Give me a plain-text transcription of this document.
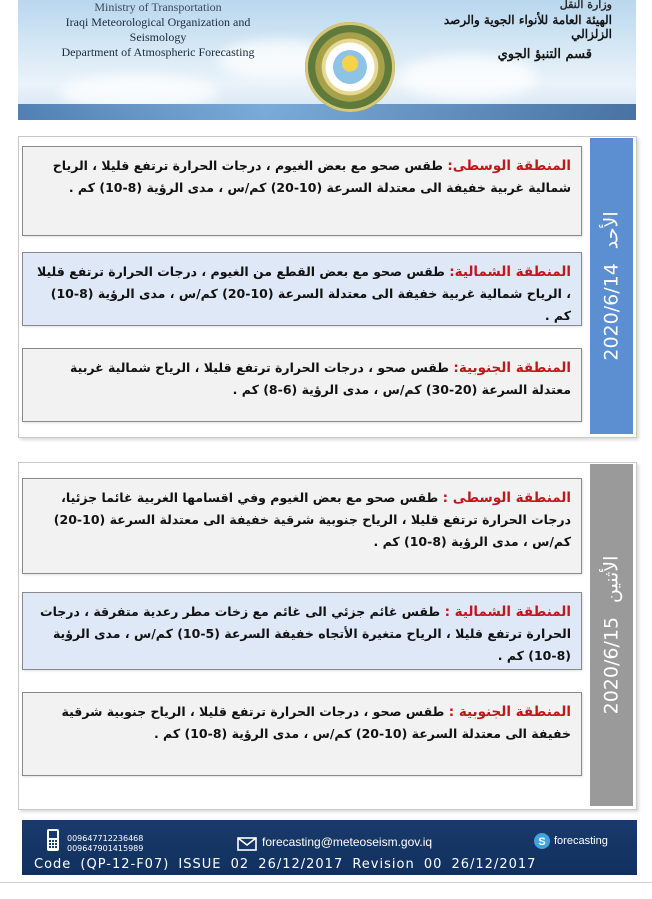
Ministry of Transportation
Iraqi Meteorological Organization and Seismology
Department of Atmospheric Forecasting
وزارة النقل
الهيئة العامة للأنواء الجوية والرصد الزلزالي
قسم التنبؤ الجوي
2020/6/14
الأحد
المنطقة الوسطى: طقس صحو مع بعض الغيوم ، درجات الحرارة ترتفع قليلا ، الرياح شمالية غربية خفيفة الى معتدلة السرعة (10-20) كم/س ، مدى الرؤية (8-10) كم .
المنطقة الشمالية: طقس صحو مع بعض القطع من الغيوم ، درجات الحرارة ترتفع قليلا ، الرياح شمالية غربية خفيفة الى معتدلة السرعة (10-20) كم/س ، مدى الرؤية (8-10) كم .
المنطقة الجنوبية: طقس صحو ، درجات الحرارة ترتفع قليلا ، الرياح شمالية غربية معتدلة السرعة (20-30) كم/س ، مدى الرؤية (6-8) كم .
2020/6/15
الأثنين
المنطقة الوسطى : طقس صحو مع بعض الغيوم وفي اقسامها الغربية غائما جزئيا، درجات الحرارة ترتفع قليلا ، الرياح جنوبية شرقية خفيفة الى معتدلة السرعة (10-20) كم/س ، مدى الرؤية (8-10) كم .
المنطقة الشمالية : طقس غائم جزئي الى غائم مع زخات مطر رعدية متفرقة ، درجات الحرارة ترتفع قليلا ، الرياح متغيرة الأتجاه خفيفة السرعة (5-10) كم/س ، مدى الرؤية (8-10) كم .
المنطقة الجنوبية : طقس صحو ، درجات الحرارة ترتفع قليلا ، الرياح جنوبية شرقية خفيفة الى معتدلة السرعة (10-20) كم/س ، مدى الرؤية (8-10) كم .
009647712236468
009647901415989	forecasting@meteoseism.gov.iq	S forecasting
Code (QP-12-F07) ISSUE 02 26/12/2017 Revision 00 26/12/2017
